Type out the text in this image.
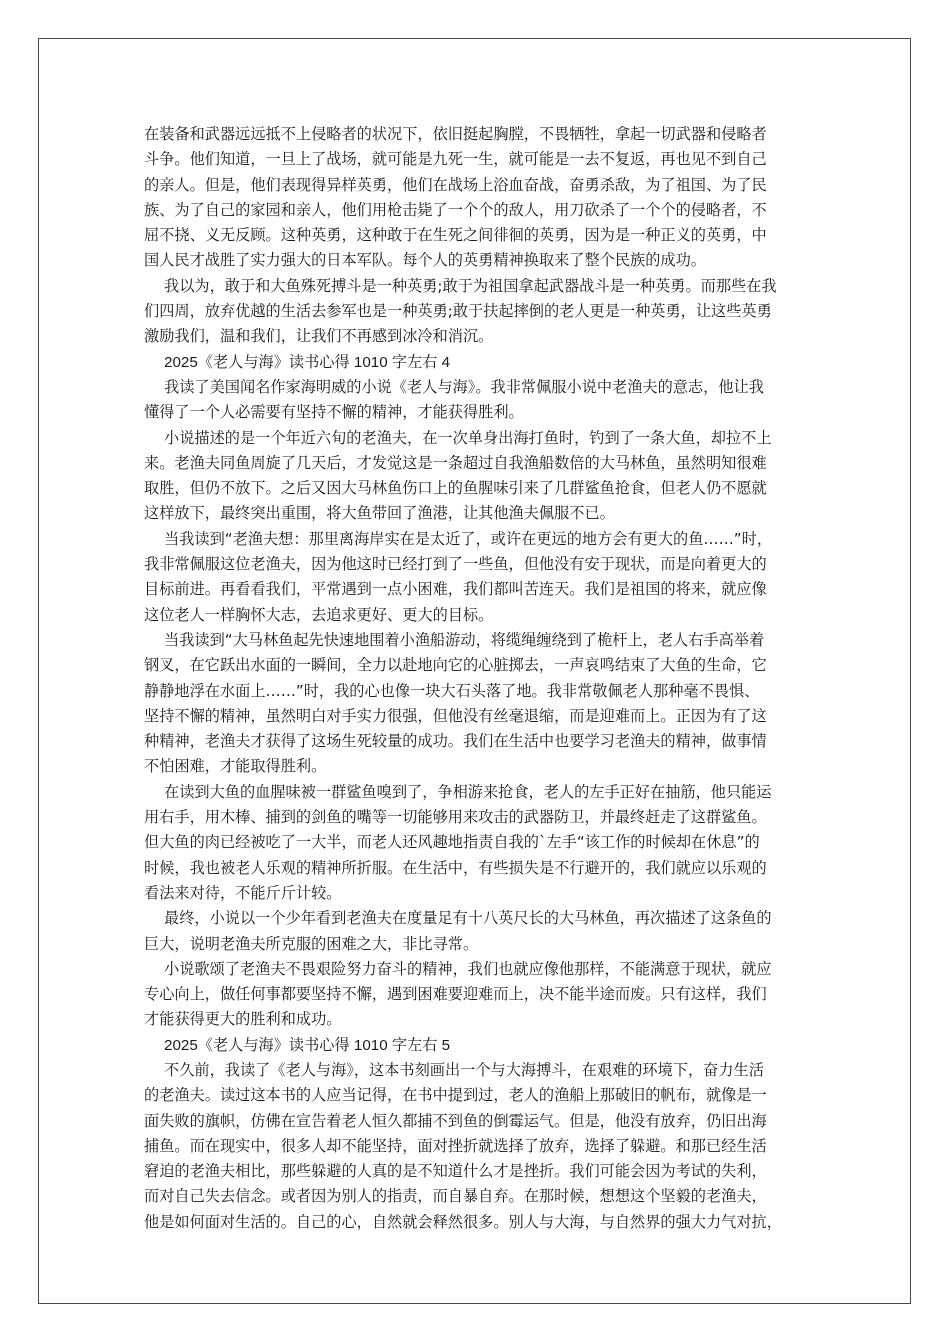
在装备和武器远远抵不上侵略者的状况下，依旧挺起胸膛，不畏牺牲，拿起一切武器和侵略者
斗争。他们知道，一旦上了战场，就可能是九死一生，就可能是一去不复返，再也见不到自己
的亲人。但是，他们表现得异样英勇，他们在战场上浴血奋战，奋勇杀敌，为了祖国、为了民
族、为了自己的家园和亲人，他们用枪击毙了一个个的敌人，用刀砍杀了一个个的侵略者，不
屈不挠、义无反顾。这种英勇，这种敢于在生死之间徘徊的英勇，因为是一种正义的英勇，中
国人民才战胜了实力强大的日本军队。每个人的英勇精神换取来了整个民族的成功。
我以为，敢于和大鱼殊死搏斗是一种英勇;敢于为祖国拿起武器战斗是一种英勇。而那些在我
们四周，放弃优越的生活去参军也是一种英勇;敢于扶起摔倒的老人更是一种英勇，让这些英勇
激励我们，温和我们，让我们不再感到冰冷和消沉。
2025《老人与海》读书心得 1010 字左右 4
我读了美国闻名作家海明威的小说《老人与海》。我非常佩服小说中老渔夫的意志，他让我
懂得了一个人必需要有坚持不懈的精神，才能获得胜利。
小说描述的是一个年近六旬的老渔夫，在一次单身出海打鱼时，钓到了一条大鱼，却拉不上
来。老渔夫同鱼周旋了几天后，才发觉这是一条超过自我渔船数倍的大马林鱼，虽然明知很难
取胜，但仍不放下。之后又因大马林鱼伤口上的鱼腥味引来了几群鲨鱼抢食，但老人仍不愿就
这样放下，最终突出重围，将大鱼带回了渔港，让其他渔夫佩服不已。
当我读到“老渔夫想：那里离海岸实在是太近了，或许在更远的地方会有更大的鱼……”时，
我非常佩服这位老渔夫，因为他这时已经打到了一些鱼，但他没有安于现状，而是向着更大的
目标前进。再看看我们，平常遇到一点小困难，我们都叫苦连天。我们是祖国的将来，就应像
这位老人一样胸怀大志，去追求更好、更大的目标。
当我读到“大马林鱼起先快速地围着小渔船游动，将缆绳缠绕到了桅杆上，老人右手高举着
钢叉，在它跃出水面的一瞬间，全力以赴地向它的心脏掷去，一声哀鸣结束了大鱼的生命，它
静静地浮在水面上……”时，我的心也像一块大石头落了地。我非常敬佩老人那种毫不畏惧、
坚持不懈的精神，虽然明白对手实力很强，但他没有丝毫退缩，而是迎难而上。正因为有了这
种精神，老渔夫才获得了这场生死较量的成功。我们在生活中也要学习老渔夫的精神，做事情
不怕困难，才能取得胜利。
在读到大鱼的血腥味被一群鲨鱼嗅到了，争相游来抢食，老人的左手正好在抽筋，他只能运
用右手，用木棒、捕到的剑鱼的嘴等一切能够用来攻击的武器防卫，并最终赶走了这群鲨鱼。
但大鱼的肉已经被吃了一大半，而老人还风趣地指责自我的`左手“该工作的时候却在休息”的
时候，我也被老人乐观的精神所折服。在生活中，有些损失是不行避开的，我们就应以乐观的
看法来对待，不能斤斤计较。
最终，小说以一个少年看到老渔夫在度量足有十八英尺长的大马林鱼，再次描述了这条鱼的
巨大，说明老渔夫所克服的困难之大，非比寻常。
小说歌颂了老渔夫不畏艰险努力奋斗的精神，我们也就应像他那样，不能满意于现状，就应
专心向上，做任何事都要坚持不懈，遇到困难要迎难而上，决不能半途而废。只有这样，我们
才能获得更大的胜利和成功。
2025《老人与海》读书心得 1010 字左右 5
不久前，我读了《老人与海》，这本书刻画出一个与大海搏斗，在艰难的环境下，奋力生活
的老渔夫。读过这本书的人应当记得，在书中提到过，老人的渔船上那破旧的帆布，就像是一
面失败的旗帜，仿佛在宣告着老人恒久都捕不到鱼的倒霉运气。但是，他没有放弃，仍旧出海
捕鱼。而在现实中，很多人却不能坚持，面对挫折就选择了放弃，选择了躲避。和那已经生活
窘迫的老渔夫相比，那些躲避的人真的是不知道什么才是挫折。我们可能会因为考试的失利，
而对自己失去信念。或者因为别人的指责，而自暴自弃。在那时候，想想这个坚毅的老渔夫，
他是如何面对生活的。自己的心，自然就会释然很多。别人与大海，与自然界的强大力气对抗，
